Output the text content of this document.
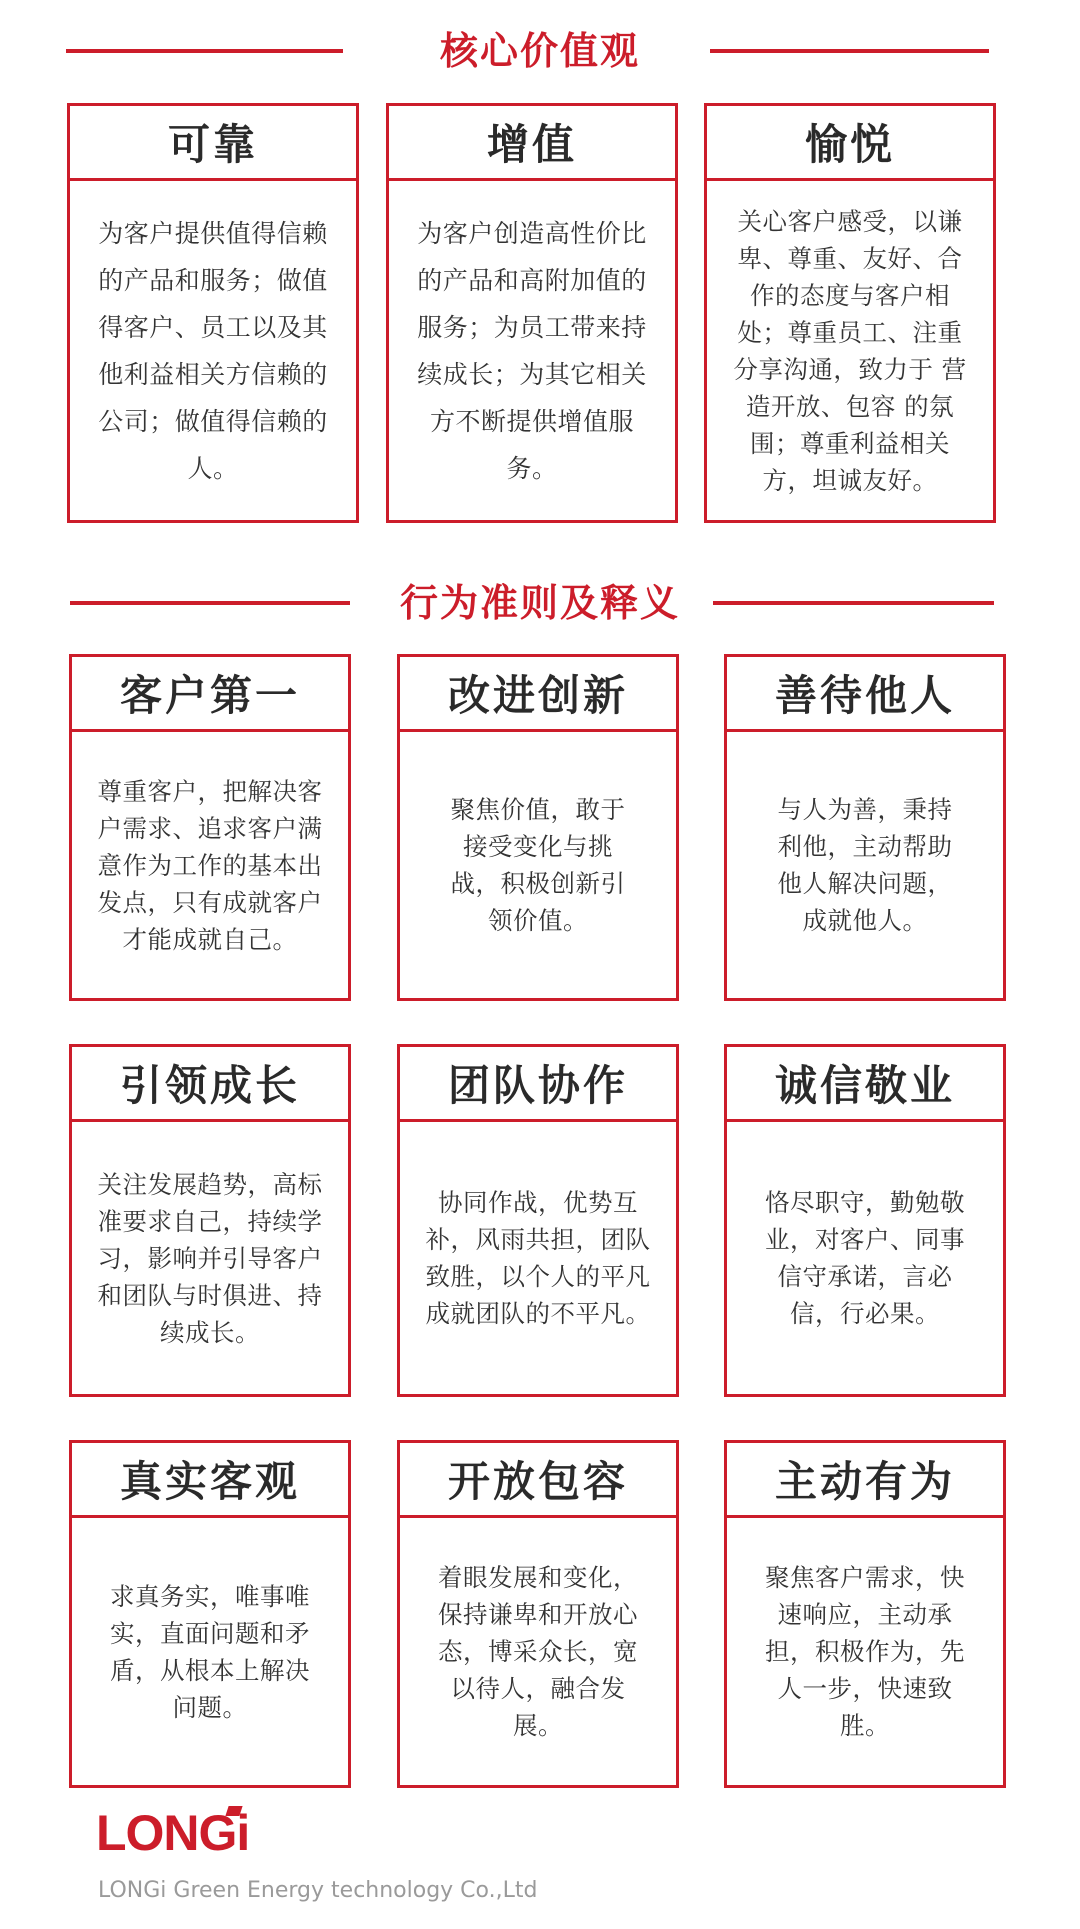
核心价值观
可靠
为客户提供值得信赖的产品和服务；做值得客户、员工以及其他利益相关方信赖的公司；做值得信赖的人。
增值
为客户创造高性价比的产品和高附加值的服务；为员工带来持续成长；为其它相关方不断提供增值服务。
愉悦
关心客户感受，以谦卑、尊重、友好、合作的态度与客户相处；尊重员工、注重分享沟通，致力于 营造开放、包容 的氛围；尊重利益相关方，坦诚友好。
行为准则及释义
客户第一
尊重客户，把解决客户需求、追求客户满意作为工作的基本出发点，只有成就客户才能成就自己。
改进创新
聚焦价值，敢于接受变化与挑战，积极创新引领价值。
善待他人
与人为善，秉持利他，主动帮助他人解决问题，成就他人。
引领成长
关注发展趋势，高标准要求自己，持续学习，影响并引导客户和团队与时俱进、持续成长。
团队协作
协同作战，优势互补，风雨共担，团队致胜，以个人的平凡成就团队的不平凡。
诚信敬业
恪尽职守，勤勉敬业，对客户、同事信守承诺，言必信，行必果。
真实客观
求真务实，唯事唯实，直面问题和矛盾，从根本上解决问题。
开放包容
着眼发展和变化，保持谦卑和开放心态，博采众长，宽以待人，融合发展。
主动有为
聚焦客户需求，快速响应，主动承担，积极作为，先人一步，快速致胜。
LONGi
LONGi Green Energy technology Co.,Ltd
